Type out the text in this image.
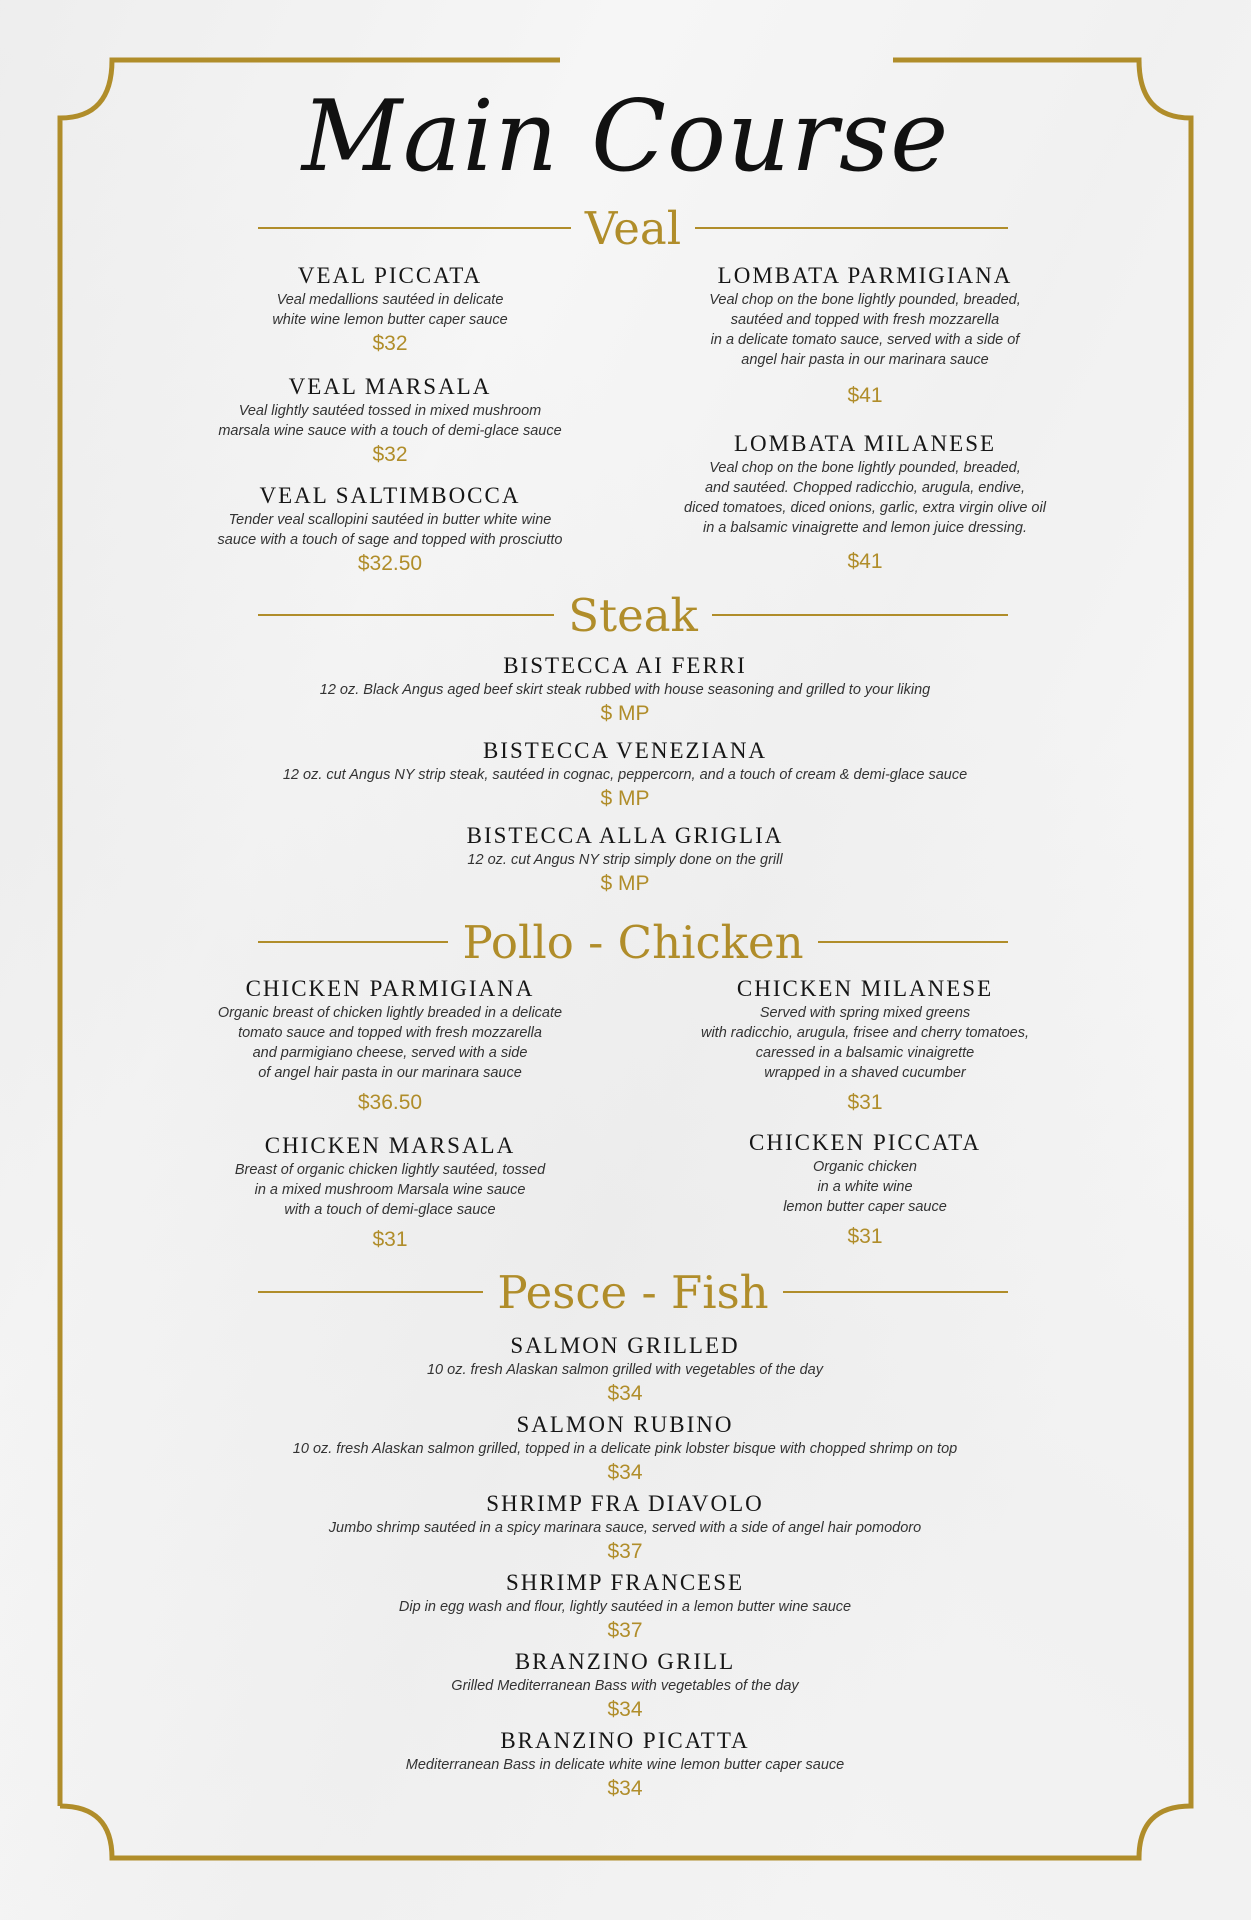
Main Course
Veal
VEAL PICCATA
Veal medallions sautéed in delicate
white wine lemon butter caper sauce
$32
VEAL MARSALA
Veal lightly sautéed tossed in mixed mushroom
marsala wine sauce with a touch of demi-glace sauce
$32
VEAL SALTIMBOCCA
Tender veal scallopini sautéed in butter white wine
sauce with a touch of sage and topped with prosciutto
$32.50
LOMBATA PARMIGIANA
Veal chop on the bone lightly pounded, breaded,
sautéed and topped with fresh mozzarella
in a delicate tomato sauce, served with a side of
angel hair pasta in our marinara sauce
$41
LOMBATA MILANESE
Veal chop on the bone lightly pounded, breaded,
and sautéed. Chopped radicchio, arugula, endive,
diced tomatoes, diced onions, garlic, extra virgin olive oil
in a balsamic vinaigrette and lemon juice dressing.
$41
Steak
BISTECCA AI FERRI
12 oz. Black Angus aged beef skirt steak rubbed with house seasoning and grilled to your liking
$ MP
BISTECCA VENEZIANA
12 oz. cut Angus NY strip steak, sautéed in cognac, peppercorn, and a touch of cream & demi-glace sauce
$ MP
BISTECCA ALLA GRIGLIA
12 oz. cut Angus NY strip simply done on the grill
$ MP
Pollo - Chicken
CHICKEN PARMIGIANA
Organic breast of chicken lightly breaded in a delicate
tomato sauce and topped with fresh mozzarella
and parmigiano cheese, served with a side
of angel hair pasta in our marinara sauce
$36.50
CHICKEN MARSALA
Breast of organic chicken lightly sautéed, tossed
in a mixed mushroom Marsala wine sauce
with a touch of demi-glace sauce
$31
CHICKEN MILANESE
Served with spring mixed greens
with radicchio, arugula, frisee and cherry tomatoes,
caressed in a balsamic vinaigrette
wrapped in a shaved cucumber
$31
CHICKEN PICCATA
Organic chicken
in a white wine
lemon butter caper sauce
$31
Pesce - Fish
SALMON GRILLED
10 oz. fresh Alaskan salmon grilled with vegetables of the day
$34
SALMON RUBINO
10 oz. fresh Alaskan salmon grilled, topped in a delicate pink lobster bisque with chopped shrimp on top
$34
SHRIMP FRA DIAVOLO
Jumbo shrimp sautéed in a spicy marinara sauce, served with a side of angel hair pomodoro
$37
SHRIMP FRANCESE
Dip in egg wash and flour, lightly sautéed in a lemon butter wine sauce
$37
BRANZINO GRILL
Grilled Mediterranean Bass with vegetables of the day
$34
BRANZINO PICATTA
Mediterranean Bass in delicate white wine lemon butter caper sauce
$34
